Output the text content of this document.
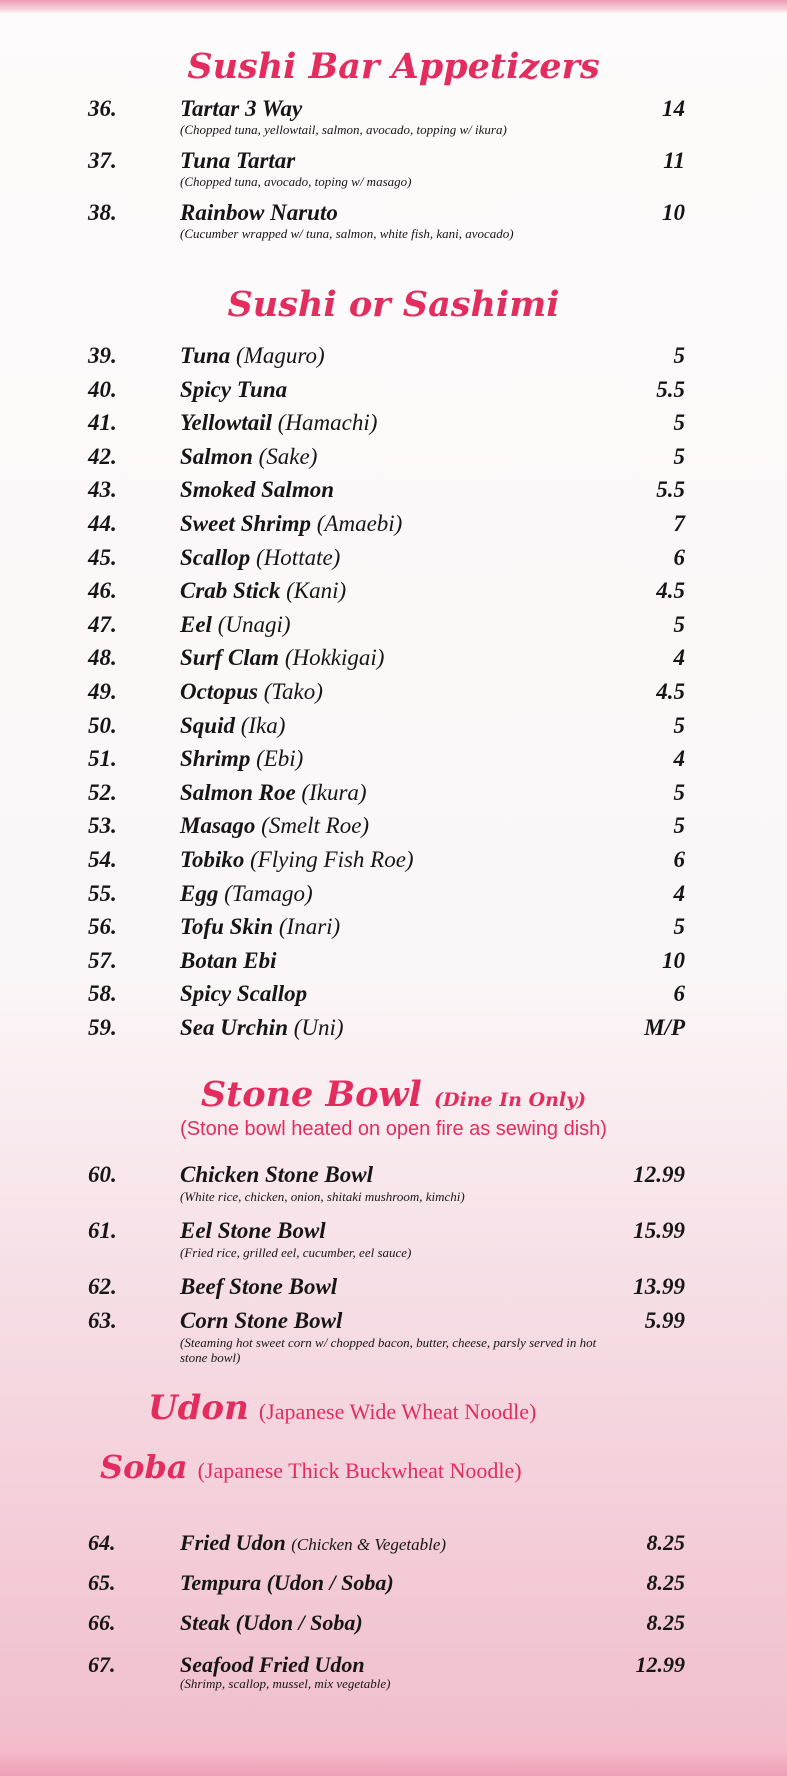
Sushi Bar Appetizers
36.	Tartar 3 Way	14
(Chopped tuna, yellowtail, salmon, avocado, topping w/ ikura)
37.	Tuna Tartar	11
(Chopped tuna, avocado, toping w/ masago)
38.	Rainbow Naruto	10
(Cucumber wrapped w/ tuna, salmon, white fish, kani, avocado)
Sushi or Sashimi
39.	Tuna (Maguro)	5
40.	Spicy Tuna	5.5
41.	Yellowtail (Hamachi)	5
42.	Salmon (Sake)	5
43.	Smoked Salmon	5.5
44.	Sweet Shrimp (Amaebi)	7
45.	Scallop (Hottate)	6
46.	Crab Stick (Kani)	4.5
47.	Eel (Unagi)	5
48.	Surf Clam (Hokkigai)	4
49.	Octopus (Tako)	4.5
50.	Squid (Ika)	5
51.	Shrimp (Ebi)	4
52.	Salmon Roe (Ikura)	5
53.	Masago (Smelt Roe)	5
54.	Tobiko (Flying Fish Roe)	6
55.	Egg (Tamago)	4
56.	Tofu Skin (Inari)	5
57.	Botan Ebi	10
58.	Spicy Scallop	6
59.	Sea Urchin (Uni)	M/P
Stone Bowl (Dine In Only)
(Stone bowl heated on open fire as sewing dish)
60.	Chicken Stone Bowl	12.99
(White rice, chicken, onion, shitaki mushroom, kimchi)
61.	Eel Stone Bowl	15.99
(Fried rice, grilled eel, cucumber, eel sauce)
62.	Beef Stone Bowl	13.99
63.	Corn Stone Bowl	5.99
(Steaming hot sweet corn w/ chopped bacon, butter, cheese, parsly served in hot stone bowl)
Udon (Japanese Wide Wheat Noodle)
Soba (Japanese Thick Buckwheat Noodle)
64.	Fried Udon (Chicken & Vegetable)	8.25
65.	Tempura (Udon / Soba)	8.25
66.	Steak (Udon / Soba)	8.25
67.	Seafood Fried Udon	12.99
(Shrimp, scallop, mussel, mix vegetable)
